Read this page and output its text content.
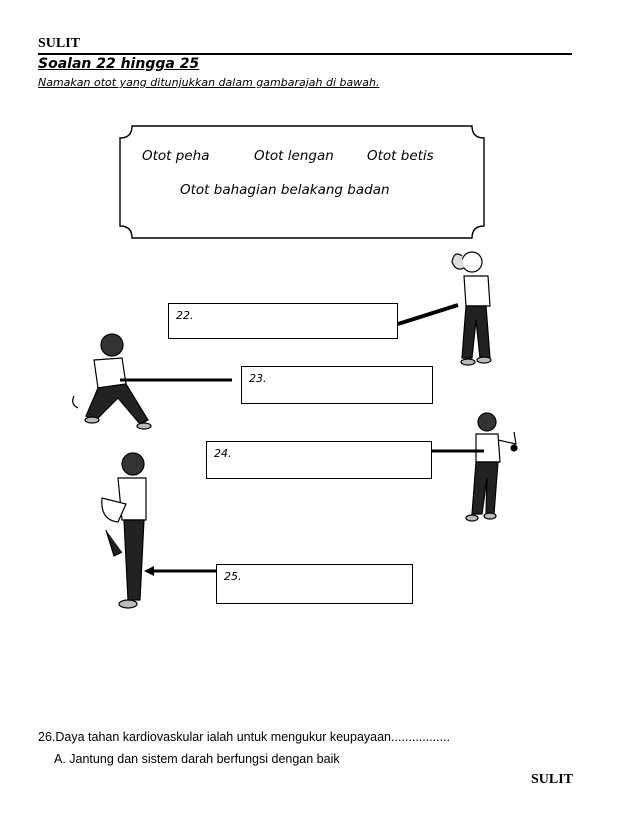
SULIT
Soalan 22 hingga 25
Namakan otot yang ditunjukkan dalam gambarajah di bawah.
Otot peha	Otot lengan Otot betis
Otot bahagian belakang badan
22.
23.
24.
25.
26.Daya tahan kardiovaskular ialah untuk mengukur keupayaan.................
A. Jantung dan sistem darah berfungsi dengan baik
SULIT
